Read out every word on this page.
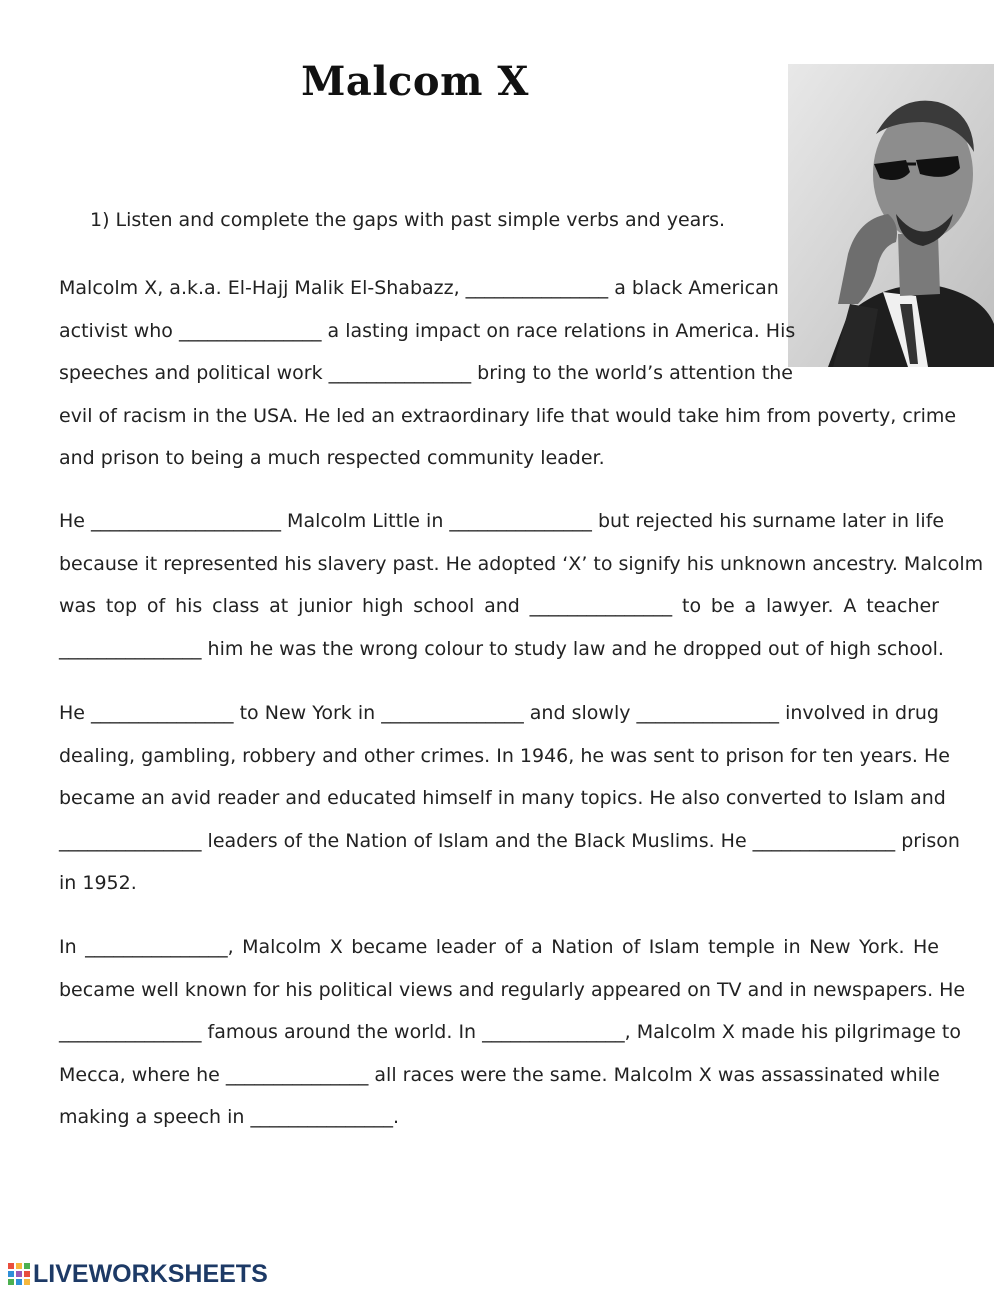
Malcom X
1) Listen and complete the gaps with past simple verbs and years.
Malcolm X, a.k.a. El-Hajj Malik El-Shabazz, _______________ a black American
activist who _______________ a lasting impact on race relations in America. His
speeches and political work _______________ bring to the world’s attention the
evil of racism in the USA. He led an extraordinary life that would take him from poverty, crime
and prison to being a much respected community leader.
He ____________________ Malcolm Little in _______________ but rejected his surname later in life
because it represented his slavery past. He adopted ‘X’ to signify his unknown ancestry. Malcolm
was top of his class at junior high school and _______________ to be a lawyer. A teacher
_______________ him he was the wrong colour to study law and he dropped out of high school.
He _______________ to New York in _______________ and slowly _______________ involved in drug
dealing, gambling, robbery and other crimes. In 1946, he was sent to prison for ten years. He
became an avid reader and educated himself in many topics. He also converted to Islam and
_______________ leaders of the Nation of Islam and the Black Muslims. He _______________ prison
in 1952.
In _______________, Malcolm X became leader of a Nation of Islam temple in New York. He
became well known for his political views and regularly appeared on TV and in newspapers. He
_______________ famous around the world. In _______________, Malcolm X made his pilgrimage to
Mecca, where he _______________ all races were the same. Malcolm X was assassinated while
making a speech in _______________.
LIVEWORKSHEETS
